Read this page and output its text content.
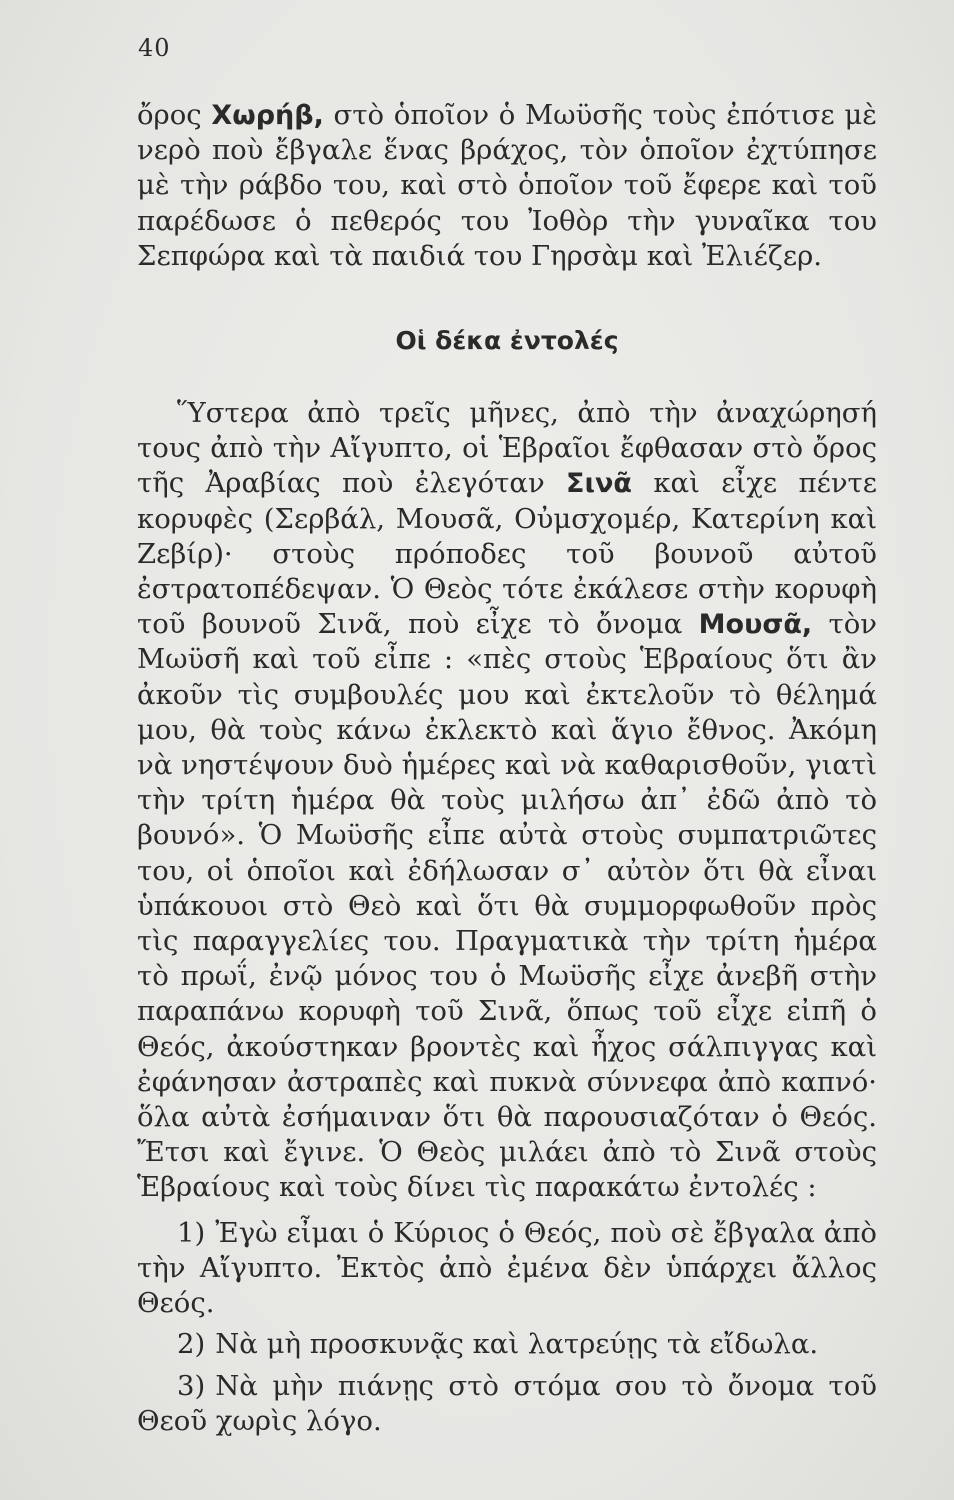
40

ὄρος Χωρήβ, στὸ ὁποῖον ὁ Μωϋσῆς τοὺς ἐπότισε μὲ νερὸ ποὺ ἔβγαλε ἕνας βράχος, τὸν ὁποῖον ἐχτύπησε μὲ τὴν ράβδο του, καὶ στὸ ὁποῖον τοῦ ἔφερε καὶ τοῦ παρέδωσε ὁ πεθερός του Ἰοθὸρ τὴν γυναῖκα του Σεπφώρα καὶ τὰ παιδιά του Γηρσὰμ καὶ Ἐλιέζερ.

Οἱ δέκα ἐντολές

Ὕστερα ἀπὸ τρεῖς μῆνες, ἀπὸ τὴν ἀναχώρησή τους ἀπὸ τὴν Αἴγυπτο, οἱ Ἑβραῖοι ἔφθασαν στὸ ὄρος τῆς Ἀραβίας ποὺ ἐλεγόταν Σινᾶ καὶ εἶχε πέντε κορυφὲς (Σερβάλ, Μουσᾶ, Οὐμσχομέρ, Κατερίνη καὶ Ζεβίρ)· στοὺς πρόποδες τοῦ βουνοῦ αὐτοῦ ἐστρατοπέδεψαν. Ὁ Θεὸς τότε ἐκάλεσε στὴν κορυφὴ τοῦ βουνοῦ Σινᾶ, ποὺ εἶχε τὸ ὄνομα Μουσᾶ, τὸν Μωϋσῆ καὶ τοῦ εἶπε : «πὲς στοὺς Ἑβραίους ὅτι ἂν ἀκοῦν τὶς συμβουλές μου καὶ ἐκτελοῦν τὸ θέλημά μου, θὰ τοὺς κάνω ἐκλεκτὸ καὶ ἅγιο ἔθνος. Ἀκόμη νὰ νηστέψουν δυὸ ἡμέρες καὶ νὰ καθαρισθοῦν, γιατὶ τὴν τρίτη ἡμέρα θὰ τοὺς μιλήσω ἀπ᾽ ἐδῶ ἀπὸ τὸ βουνό». Ὁ Μωϋσῆς εἶπε αὐτὰ στοὺς συμπατριῶτες του, οἱ ὁποῖοι καὶ ἐδήλωσαν σ᾽ αὐτὸν ὅτι θὰ εἶναι ὑπάκουοι στὸ Θεὸ καὶ ὅτι θὰ συμμορφωθοῦν πρὸς τὶς παραγγελίες του. Πραγματικὰ τὴν τρίτη ἡμέρα τὸ πρωΐ, ἐνῷ μόνος του ὁ Μωϋσῆς εἶχε ἀνεβῆ στὴν παραπάνω κορυφὴ τοῦ Σινᾶ, ὅπως τοῦ εἶχε εἰπῆ ὁ Θεός, ἀκούστηκαν βροντὲς καὶ ἦχος σάλπιγγας καὶ ἐφάνησαν ἀστραπὲς καὶ πυκνὰ σύννεφα ἀπὸ καπνό· ὅλα αὐτὰ ἐσήμαιναν ὅτι θὰ παρουσιαζόταν ὁ Θεός. Ἔτσι καὶ ἔγινε. Ὁ Θεὸς μιλάει ἀπὸ τὸ Σινᾶ στοὺς Ἑβραίους καὶ τοὺς δίνει τὶς παρακάτω ἐντολές :

1) Ἐγὼ εἶμαι ὁ Κύριος ὁ Θεός, ποὺ σὲ ἔβγαλα ἀπὸ τὴν Αἴγυπτο. Ἐκτὸς ἀπὸ ἐμένα δὲν ὑπάρχει ἄλλος Θεός.

2) Νὰ μὴ προσκυνᾷς καὶ λατρεύῃς τὰ εἴδωλα.

3) Νὰ μὴν πιάνῃς στὸ στόμα σου τὸ ὄνομα τοῦ Θεοῦ χωρὶς λόγο.
